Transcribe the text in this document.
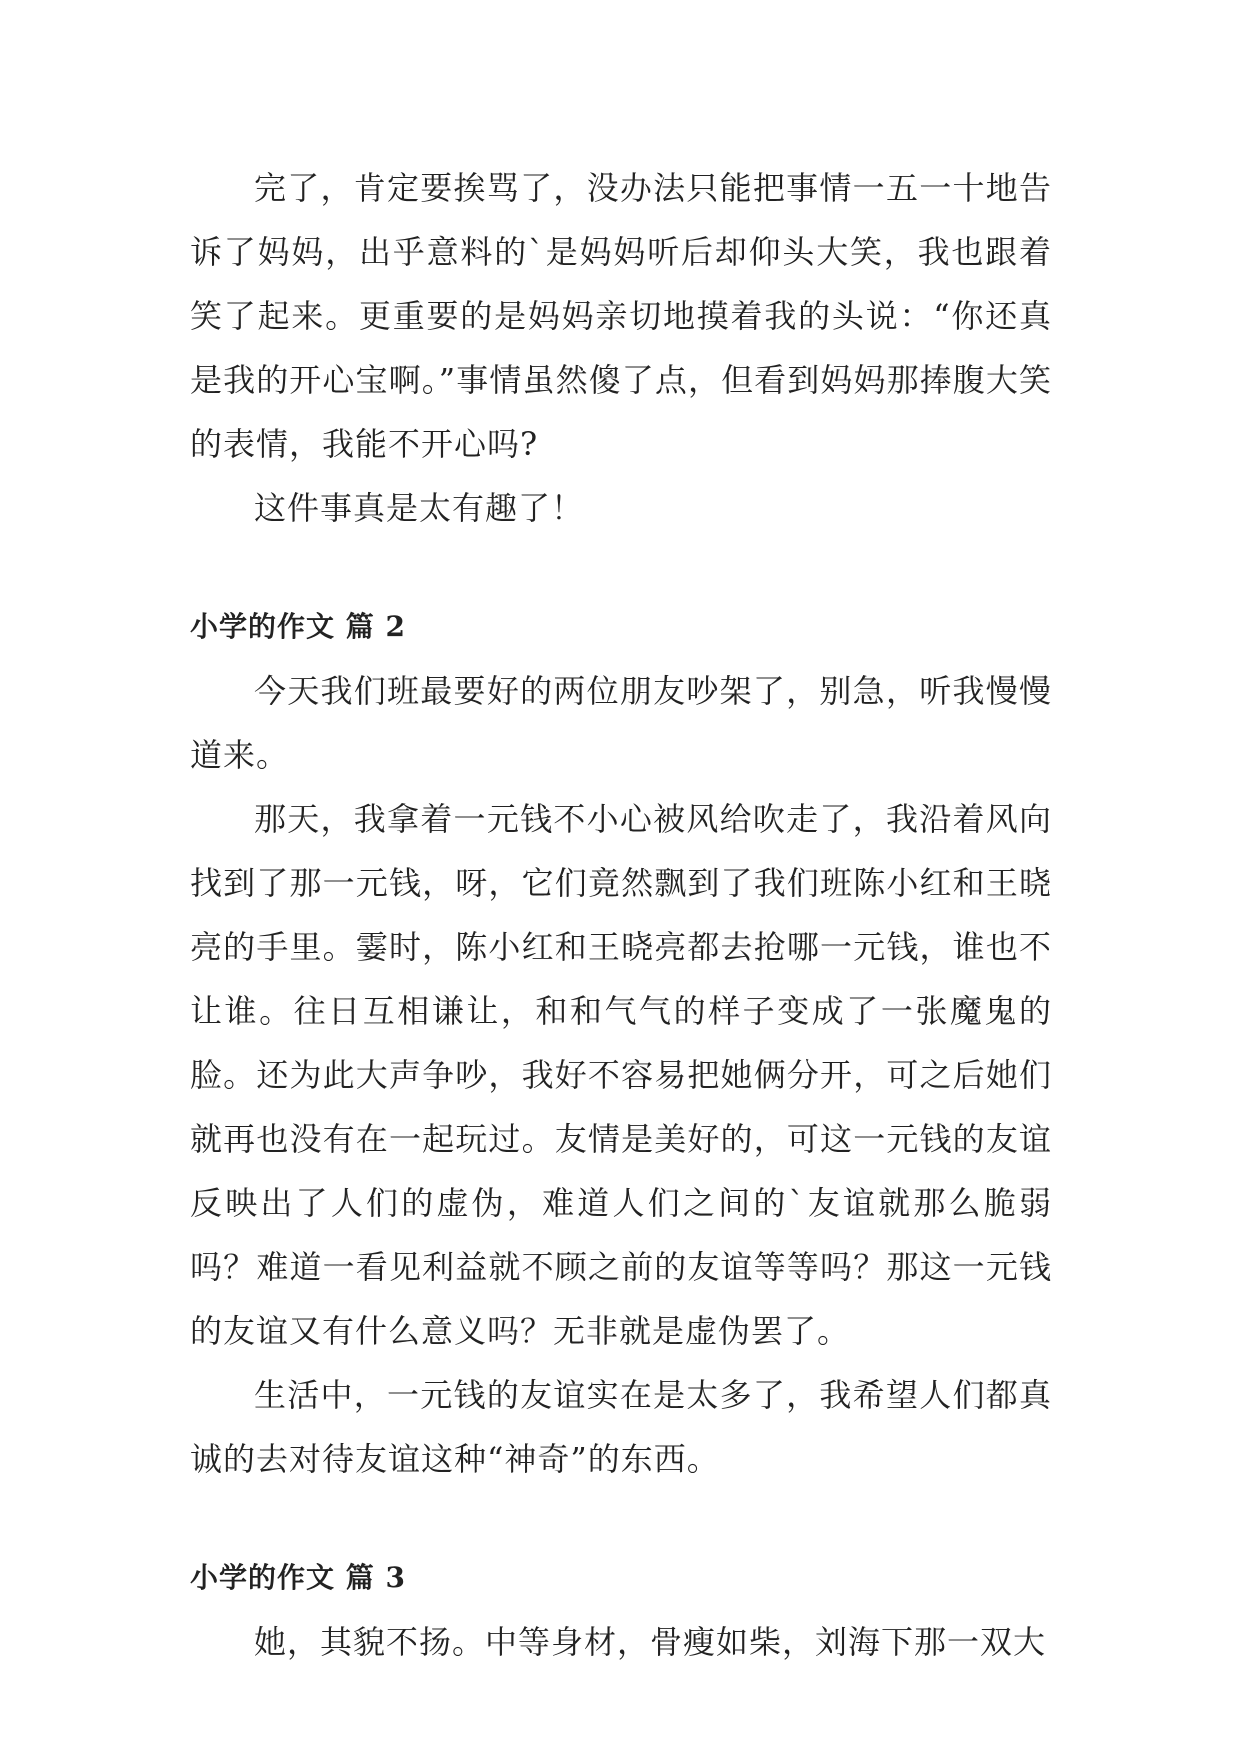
完了，肯定要挨骂了，没办法只能把事情一五一十地告诉了妈妈，出乎意料的`是妈妈听后却仰头大笑，我也跟着笑了起来。更重要的是妈妈亲切地摸着我的头说：“你还真是我的开心宝啊。”事情虽然傻了点，但看到妈妈那捧腹大笑的表情，我能不开心吗?

这件事真是太有趣了！

小学的作文 篇 2

今天我们班最要好的两位朋友吵架了，别急，听我慢慢道来。

那天，我拿着一元钱不小心被风给吹走了，我沿着风向找到了那一元钱，呀，它们竟然飘到了我们班陈小红和王晓亮的手里。霎时，陈小红和王晓亮都去抢哪一元钱，谁也不让谁。往日互相谦让，和和气气的样子变成了一张魔鬼的脸。还为此大声争吵，我好不容易把她俩分开，可之后她们就再也没有在一起玩过。友情是美好的，可这一元钱的友谊反映出了人们的虚伪，难道人们之间的`友谊就那么脆弱吗？难道一看见利益就不顾之前的友谊等等吗？那这一元钱的友谊又有什么意义吗？无非就是虚伪罢了。

生活中，一元钱的友谊实在是太多了，我希望人们都真诚的去对待友谊这种“神奇”的东西。

小学的作文 篇 3

她，其貌不扬。中等身材，骨瘦如柴，刘海下那一双大
